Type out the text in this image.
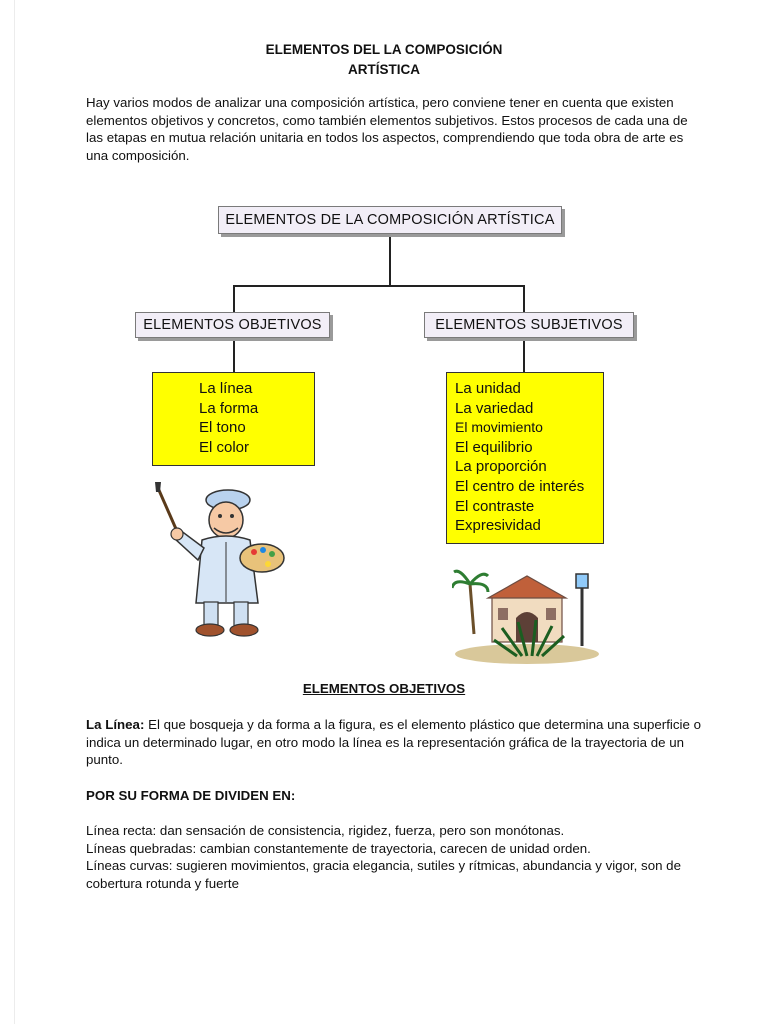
ELEMENTOS DEL LA COMPOSICIÓN
ARTÍSTICA
Hay varios modos de analizar una composición artística, pero conviene tener en cuenta que existen elementos objetivos y concretos, como también elementos subjetivos. Estos procesos de cada una de las etapas en mutua relación unitaria en todos los aspectos, comprendiendo que toda obra de arte es una composición.
ELEMENTOS DE LA COMPOSICIÓN ARTÍSTICA
ELEMENTOS OBJETIVOS	ELEMENTOS SUBJETIVOS
La línea
La forma
El tono
El color
La unidad
La variedad
El movimiento
El equilibrio
La proporción
El centro de interés
El contraste
Expresividad
ELEMENTOS OBJETIVOS
La Línea: El que bosqueja y da forma a la figura, es el elemento plástico que determina una superficie o indica un determinado lugar, en otro modo la línea es la representación gráfica de la trayectoria de un punto.
POR SU FORMA DE DIVIDEN EN:
Línea recta: dan sensación de consistencia, rigidez, fuerza, pero son monótonas.
Líneas quebradas: cambian constantemente de trayectoria, carecen de unidad orden.
Líneas curvas: sugieren movimientos, gracia elegancia, sutiles y rítmicas, abundancia y vigor, son de cobertura rotunda y fuerte
